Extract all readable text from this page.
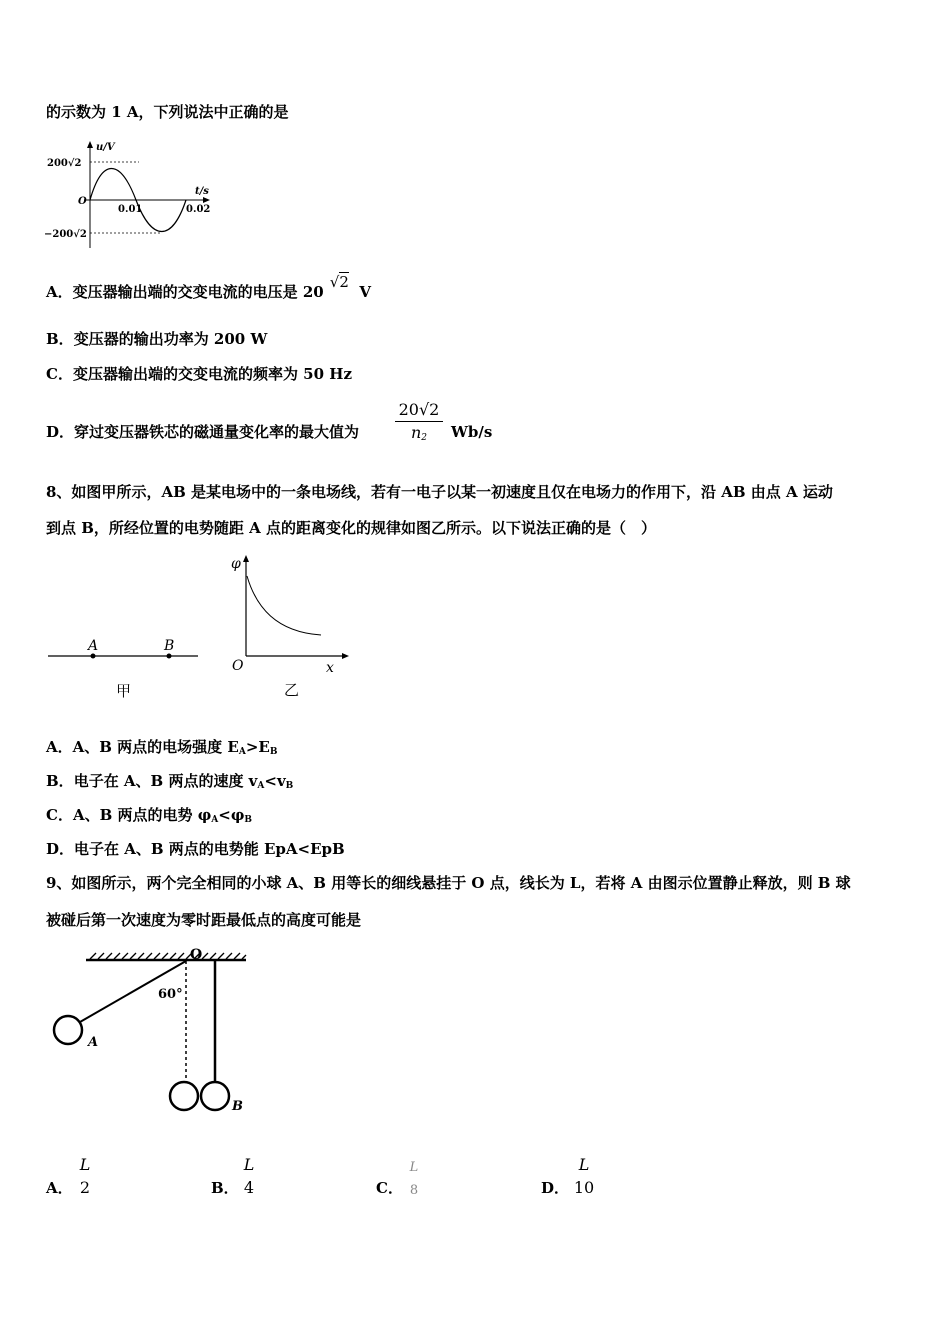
的示数为 1 A，下列说法中正确的是
u/V
t/s
200√2
−200√2
O
0.01	0.02
A．变压器输出端的交变电流的电压是 20√2  V
B．变压器的输出功率为 200 W
C．变压器输出端的交变电流的频率为 50 Hz
D．穿过变压器铁芯的磁通量变化率的最大值为
20√2
$n_2$	Wb/s
8、如图甲所示，AB 是某电场中的一条电场线，若有一电子以某一初速度且仅在电场力的作用下，沿 AB 由点 A 运动
到点 B，所经位置的电势随距 A 点的距离变化的规律如图乙所示。以下说法正确的是（　）
A	B
甲
φ
x
O
乙
A．A、B 两点的电场强度 $E_A>E_B$
B．电子在 A、B 两点的速度 $v_A<v_B$
C．A、B 两点的电势 $\varphi_A<\varphi_B$
D．电子在 A、B 两点的电势能 EpA<EpB
9、如图所示，两个完全相同的小球 A、B 用等长的细线悬挂于 O 点，线长为 L，若将 A 由图示位置静止释放，则 B 球
被碰后第一次速度为零时距最低点的高度可能是
O
60°
A
B
A．
L
2	B．
L
4	C．
L
8	D．
L
10
